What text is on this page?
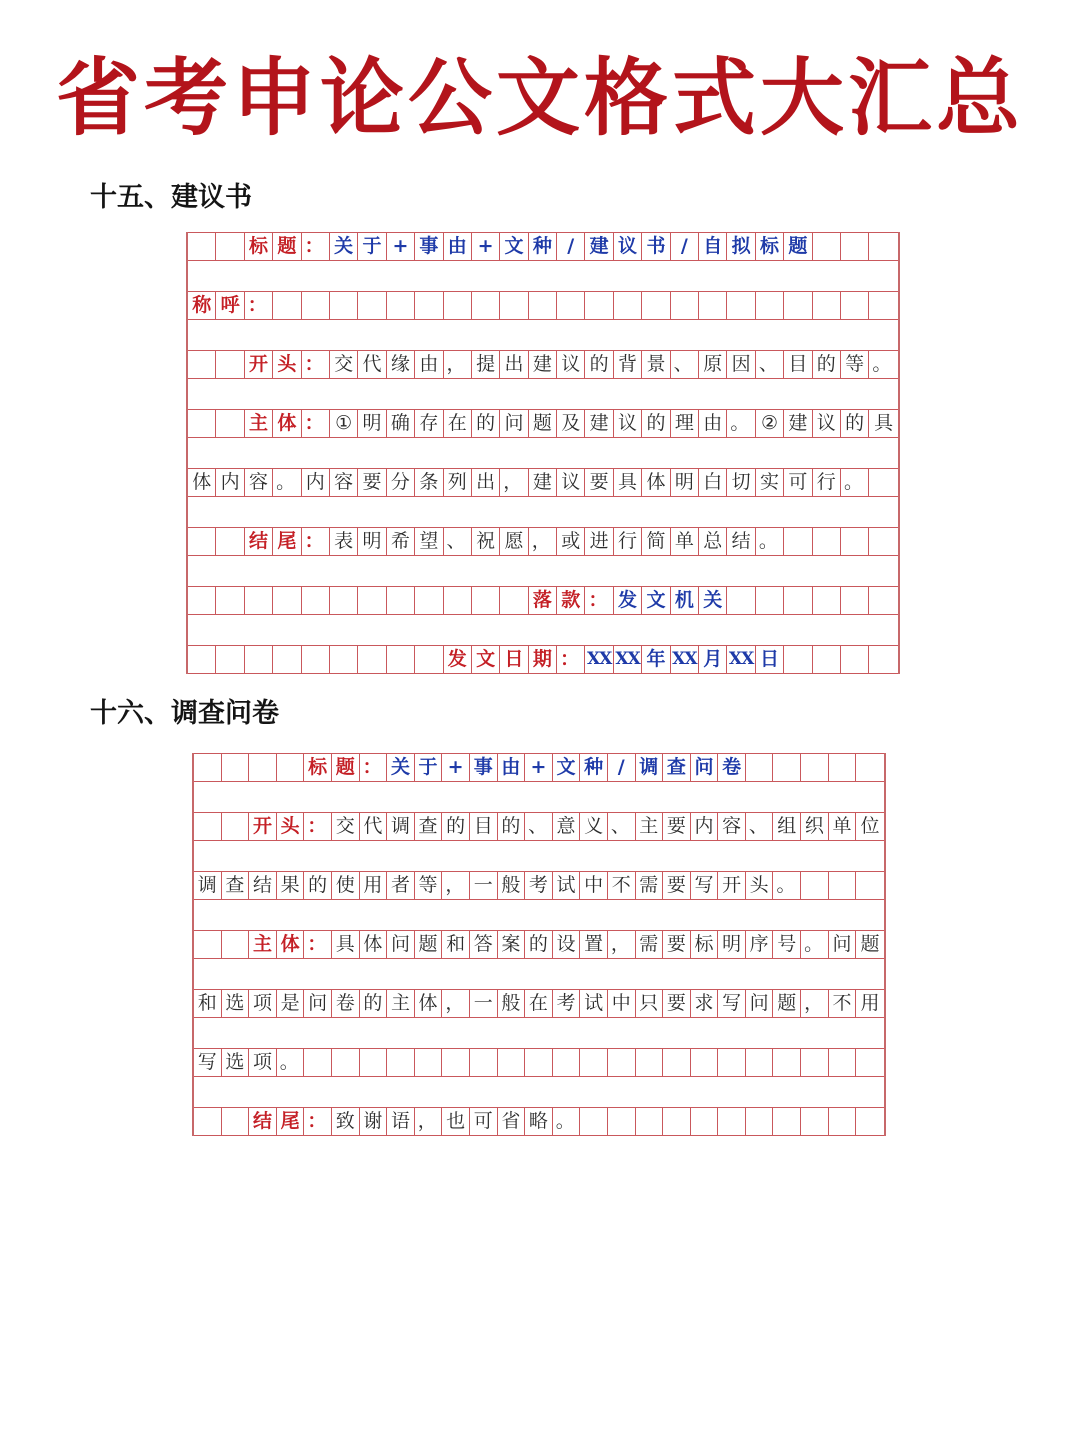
省考申论公文格式大汇总
十五、建议书
标 题 ： 关 于 + 事 由 + 文 种 / 建 议 书 / 自 拟 标 题
称 呼 ：
开 头 ： 交 代 缘 由 ， 提 出 建 议 的 背 景 、 原 因 、 目 的 等 。
主 体 ： ① 明 确 存 在 的 问 题 及 建 议 的 理 由 。 ② 建 议 的 具
体 内 容 。 内 容 要 分 条 列 出 ， 建 议 要 具 体 明 白 切 实 可 行 。
结 尾 ： 表 明 希 望 、 祝 愿 ， 或 进 行 简 单 总 结 。
落 款 ： 发 文 机 关
发 文 日 期 ： XX XX 年 XX 月 XX 日
十六、调查问卷
标 题 ： 关 于 + 事 由 + 文 种 / 调 查 问 卷
开 头 ： 交 代 调 查 的 目 的 、 意 义 、 主 要 内 容 、 组 织 单 位
调 查 结 果 的 使 用 者 等 ， 一 般 考 试 中 不 需 要 写 开 头 。
主 体 ： 具 体 问 题 和 答 案 的 设 置 ， 需 要 标 明 序 号 。 问 题
和 选 项 是 问 卷 的 主 体 ， 一 般 在 考 试 中 只 要 求 写 问 题 ， 不 用
写 选 项 。
结 尾 ： 致 谢 语 ， 也 可 省 略 。
